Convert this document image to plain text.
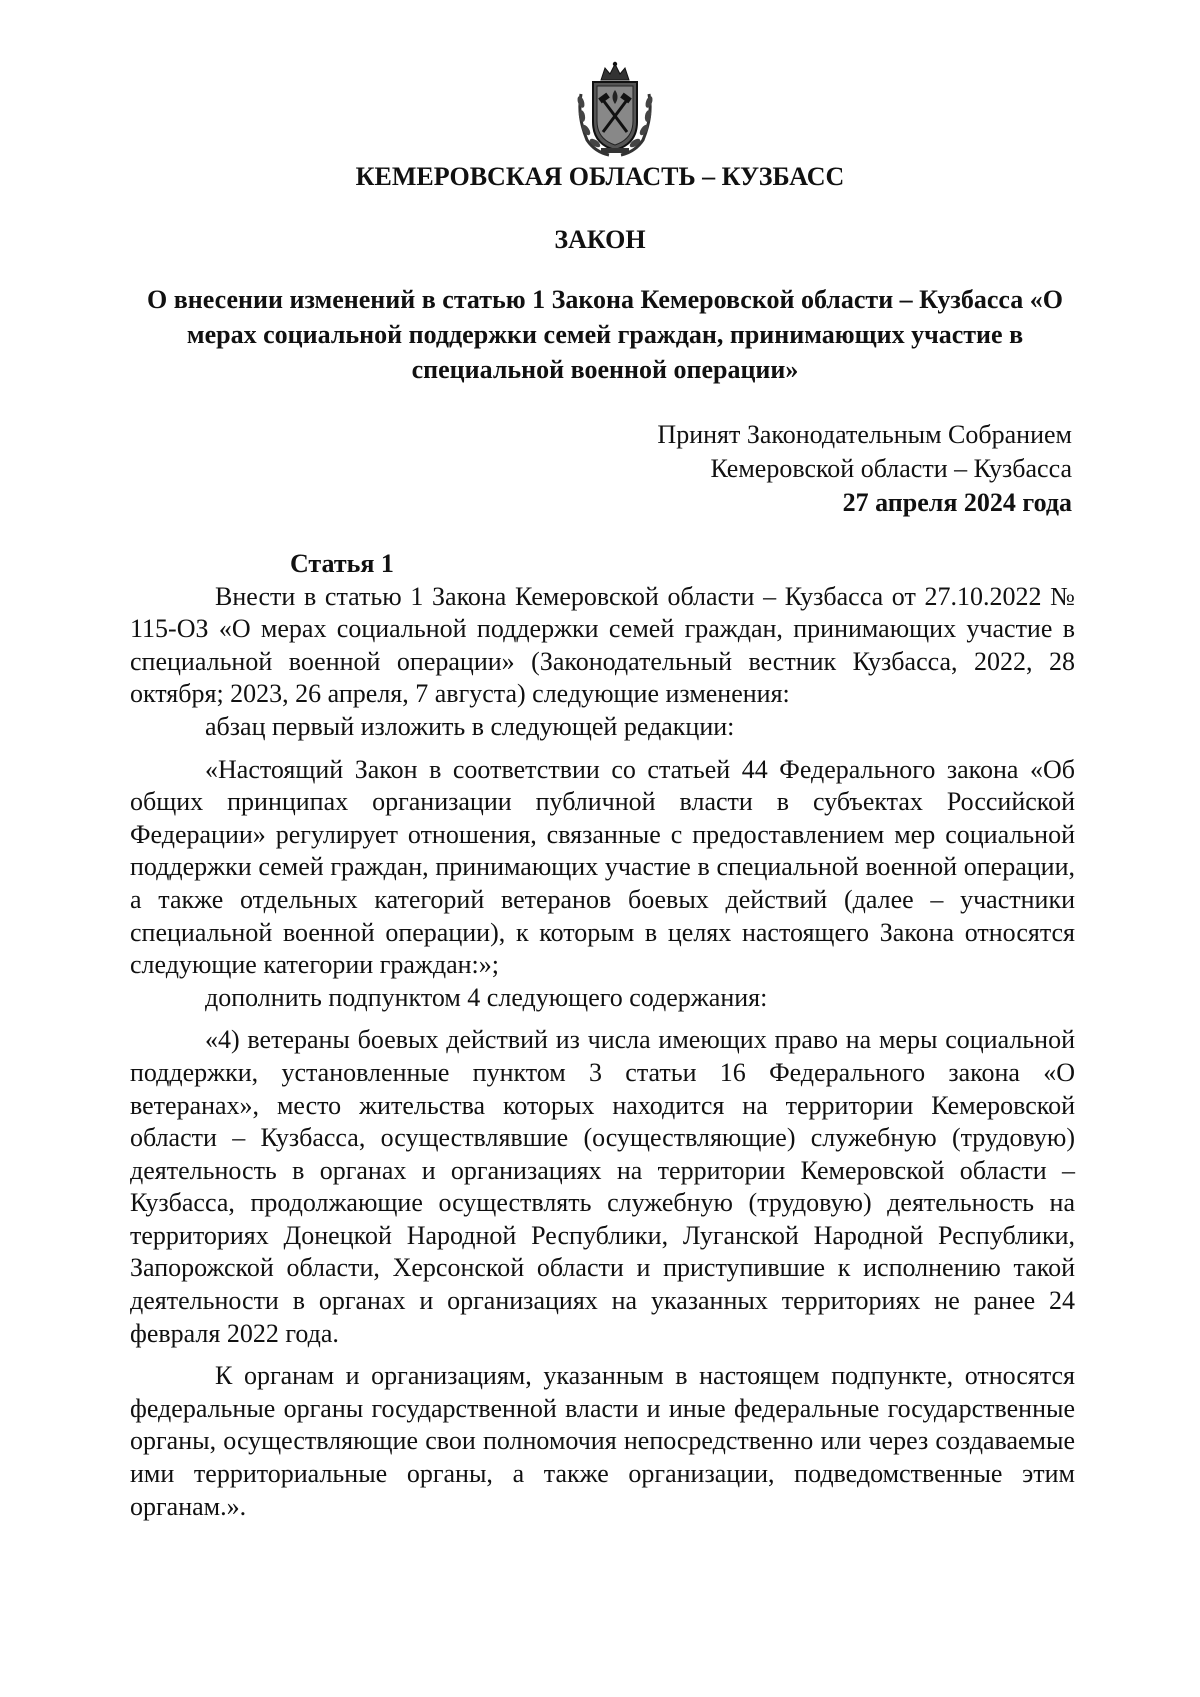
КЕМЕРОВСКАЯ ОБЛАСТЬ – КУЗБАСС
ЗАКОН

О внесении изменений в статью 1 Закона Кемеровской области – Кузбасса «О мерах социальной поддержки семей граждан, принимающих участие в специальной военной операции»

Принят Законодательным Собранием
Кемеровской области – Кузбасса
27 апреля 2024 года

Статья 1

Внести в статью 1 Закона Кемеровской области – Кузбасса от 27.10.2022 № 115-ОЗ «О мерах социальной поддержки семей граждан, принимающих участие в специальной военной операции» (Законодательный вестник Кузбасса, 2022, 28 октября; 2023, 26 апреля, 7 августа) следующие изменения:

абзац первый изложить в следующей редакции:

«Настоящий Закон в соответствии со статьей 44 Федерального закона «Об общих принципах организации публичной власти в субъектах Российской Федерации» регулирует отношения, связанные с предоставлением мер социальной поддержки семей граждан, принимающих участие в специальной военной операции, а также отдельных категорий ветеранов боевых действий (далее – участники специальной военной операции), к которым в целях настоящего Закона относятся следующие категории граждан:»;

дополнить подпунктом 4 следующего содержания:

«4) ветераны боевых действий из числа имеющих право на меры социальной поддержки, установленные пунктом 3 статьи 16 Федерального закона «О ветеранах», место жительства которых находится на территории Кемеровской области – Кузбасса, осуществлявшие (осуществляющие) служебную (трудовую) деятельность в органах и организациях на территории Кемеровской области – Кузбасса, продолжающие осуществлять служебную (трудовую) деятельность на территориях Донецкой Народной Республики, Луганской Народной Республики, Запорожской области, Херсонской области и приступившие к исполнению такой деятельности в органах и организациях на указанных территориях не ранее 24 февраля 2022 года.

К органам и организациям, указанным в настоящем подпункте, относятся федеральные органы государственной власти и иные федеральные государственные органы, осуществляющие свои полномочия непосредственно или через создаваемые ими территориальные органы, а также организации, подведомственные этим органам.».
